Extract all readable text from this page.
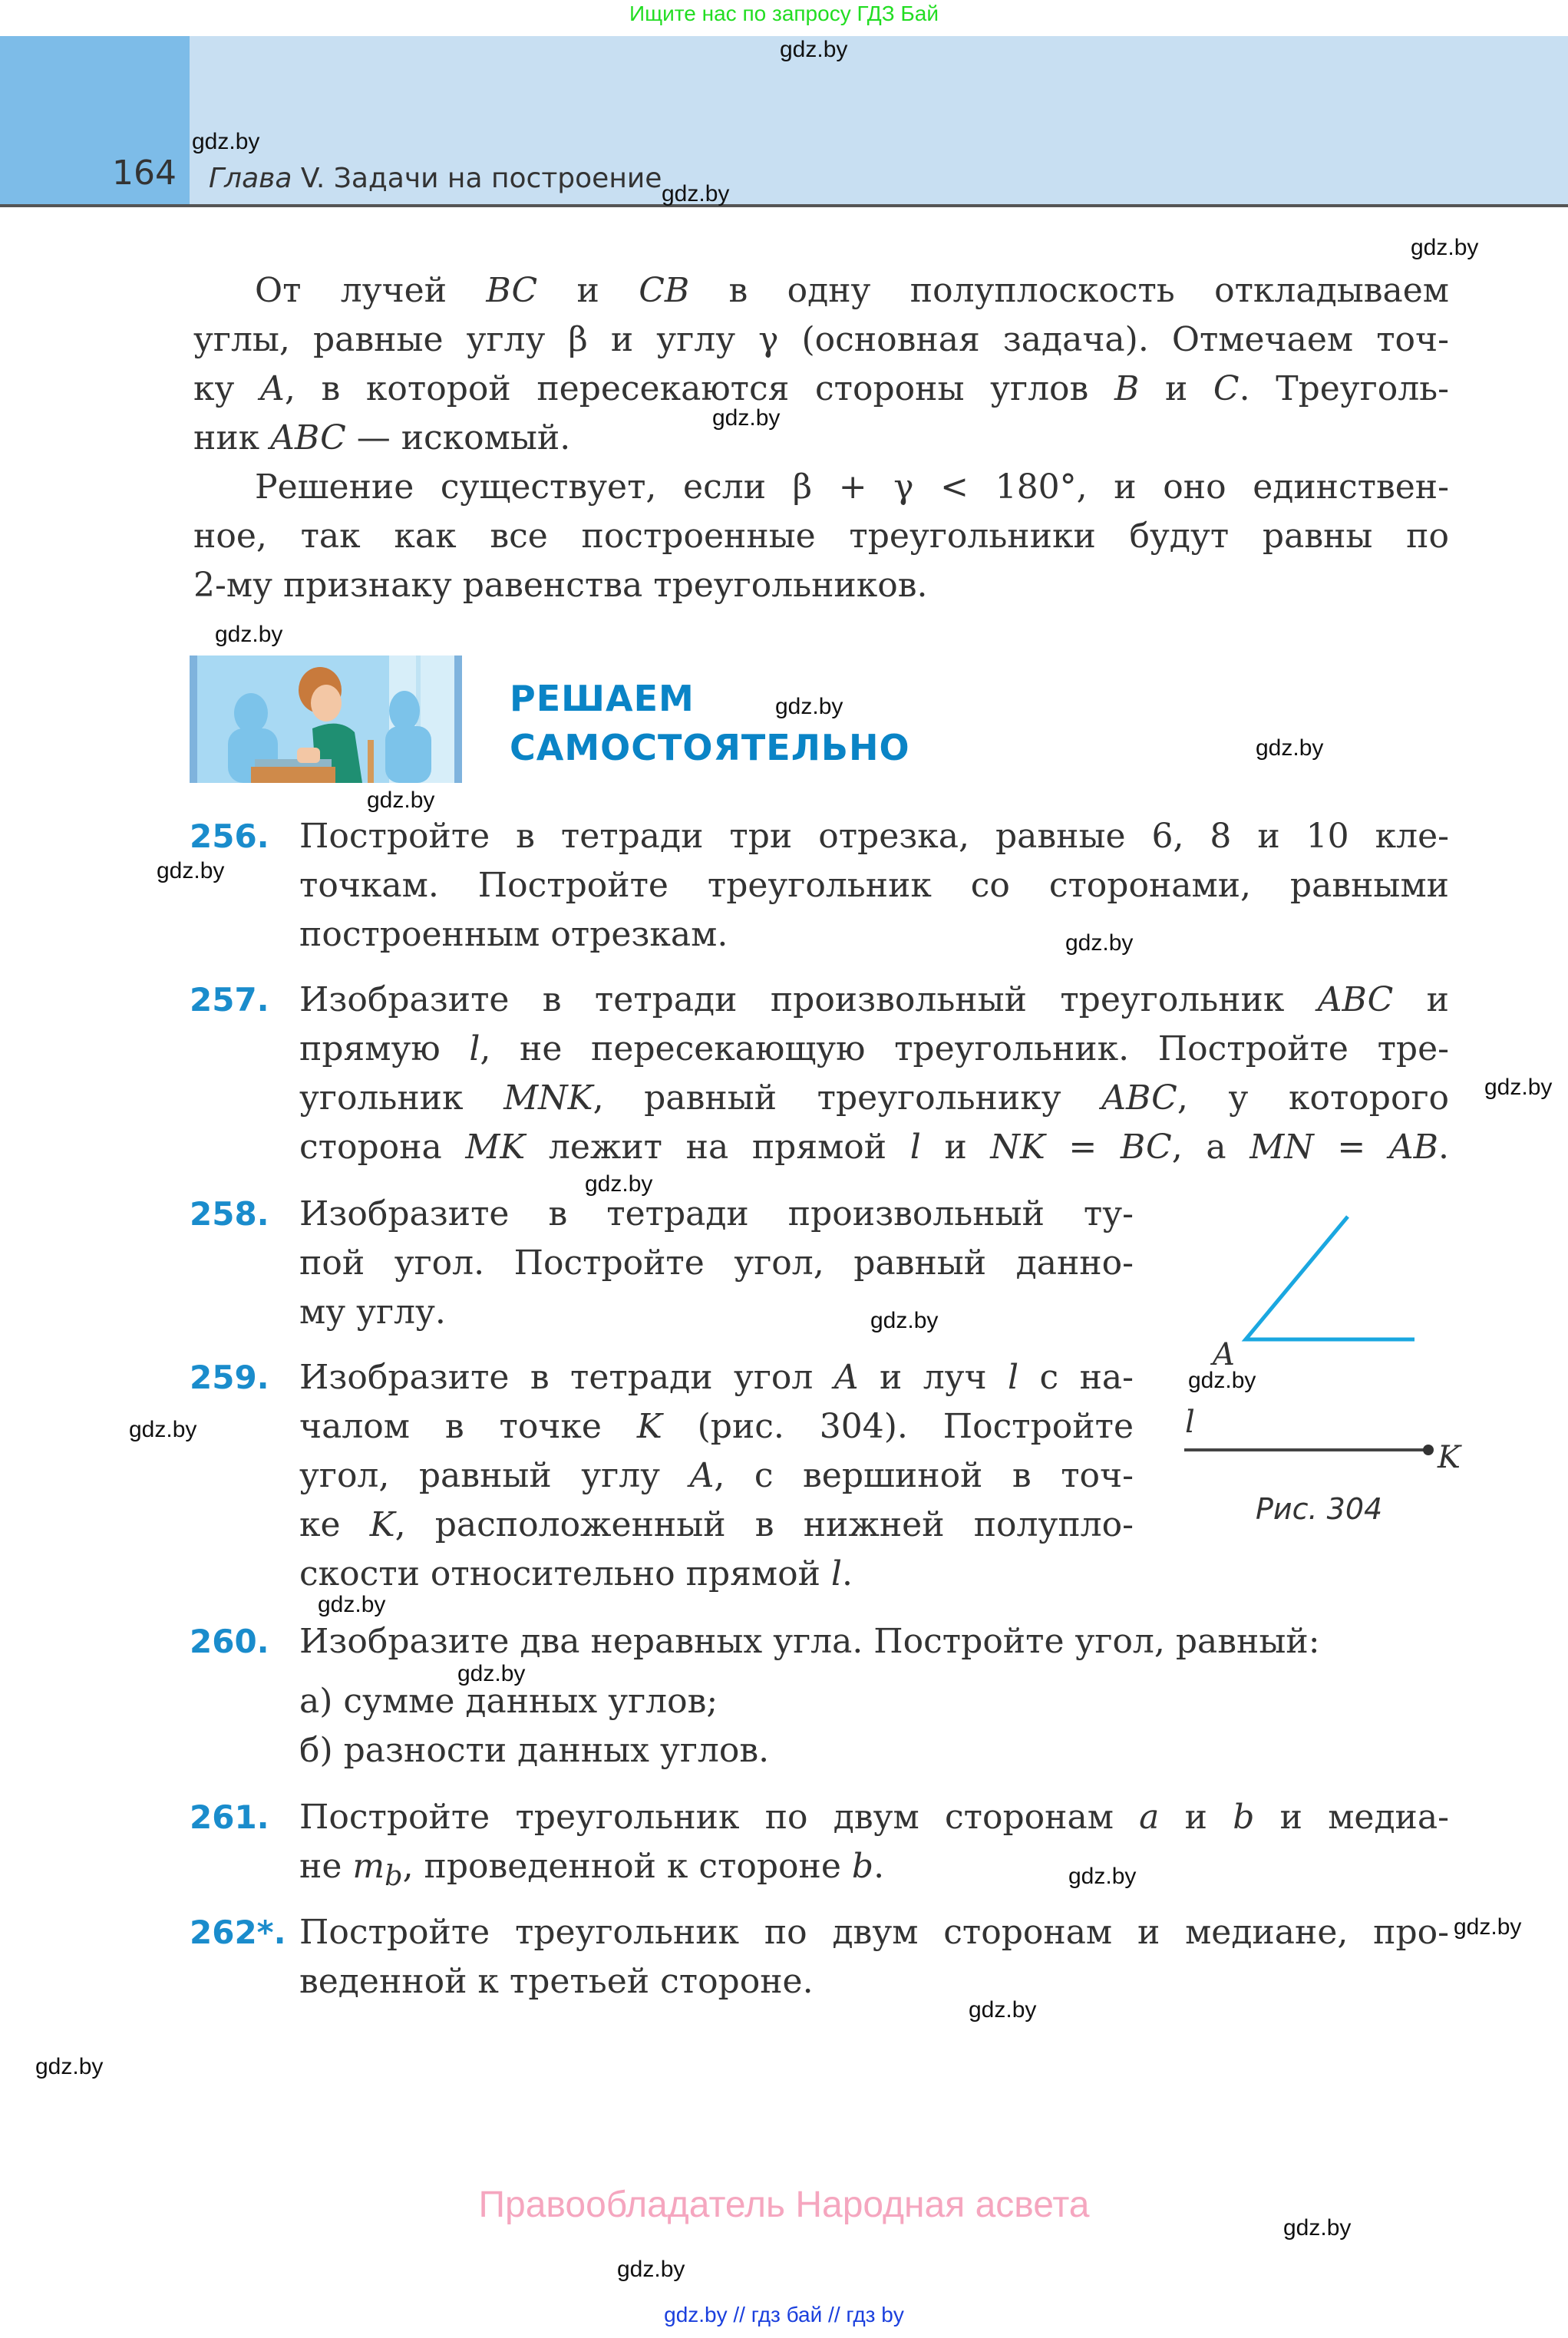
Ищите нас по запросу ГДЗ Бай
164 Глава V. Задачи на построение
От лучей BC и CB в одну полуплоскость откладываем
углы, равные углу β и углу γ (основная задача). Отмечаем точ-
ку A, в которой пересекаются стороны углов B и C. Треуголь-
ник ABC — искомый.
Решение существует, если β + γ < 180°, и оно единствен-
ное, так как все построенные треугольники будут равны по
2-му признаку равенства треугольников.
РЕШАЕМ
САМОСТОЯТЕЛЬНО
256. Постройте в тетради три отрезка, равные 6, 8 и 10 кле-
точкам. Постройте треугольник со сторонами, равными
построенным отрезкам.
257. Изобразите в тетради произвольный треугольник ABC и
прямую l, не пересекающую треугольник. Постройте тре-
угольник MNK, равный треугольнику ABC, у которого
сторона MK лежит на прямой l и NK = BC, а MN = AB.
258. Изобразите в тетради произвольный ту-
пой угол. Постройте угол, равный данно-
му углу.
259. Изобразите в тетради угол A и луч l с на-
чалом в точке K (рис. 304). Постройте
угол, равный углу A, с вершиной в точ-
ке K, расположенный в нижней полупло-
скости относительно прямой l.
A
l
K
Рис. 304
260. Изобразите два неравных угла. Постройте угол, равный:
а) сумме данных углов;
б) разности данных углов.
261. Постройте треугольник по двум сторонам a и b и медиа-
не $m_b$, проведенной к стороне b.
262*. Постройте треугольник по двум сторонам и медиане, про-
веденной к третьей стороне.
gdz.by
gdz.by
gdz.by
gdz.by
gdz.by
gdz.by
gdz.by
gdz.by
gdz.by
gdz.by
gdz.by
gdz.by
gdz.by
gdz.by
gdz.by
gdz.by
gdz.by
gdz.by
gdz.by
gdz.by
gdz.by
gdz.by
gdz.by
gdz.by
Правообладатель Народная асвета
gdz.by // гдз бай // гдз by
